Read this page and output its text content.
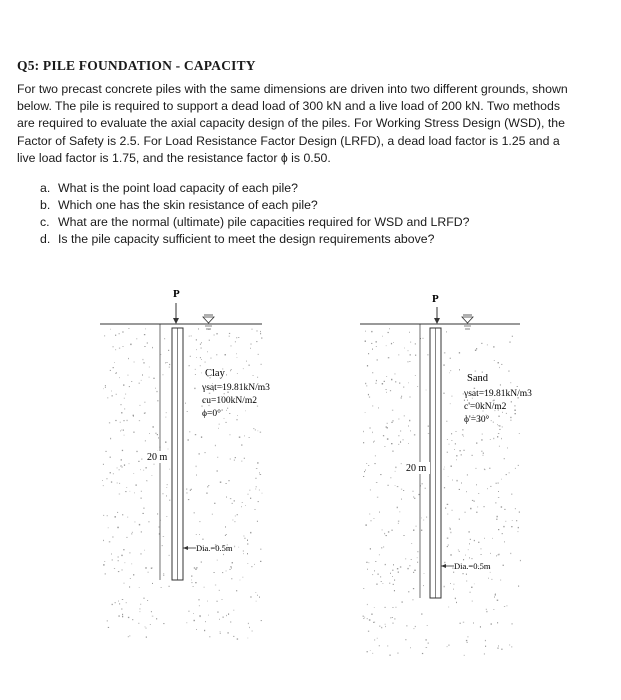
Q5: PILE FOUNDATION - CAPACITY

For two precast concrete piles with the same dimensions are driven into two different grounds, shown below. The pile is required to support a dead load of 300 kN and a live load of 200 kN. Two methods are required to evaluate the axial capacity design of the piles. For Working Stress Design (WSD), the Factor of Safety is 2.5. For Load Resistance Factor Design (LRFD), a dead load factor is 1.25 and a live load factor is 1.75, and the resistance factor ϕ is 0.50.

a. What is the point load capacity of each pile?
b. Which one has the skin resistance of each pile?
c. What are the normal (ultimate) pile capacities required for WSD and LRFD?
d. Is the pile capacity sufficient to meet the design requirements above?
P
20 m
Clay
γsat=19.81kN/m3
cu=100kN/m2
ϕ=0°
Dia.=0.5m
P
20 m
Sand
γsat=19.81kN/m3
c'=0kN/m2
ϕ'=30°
Dia.=0.5m
